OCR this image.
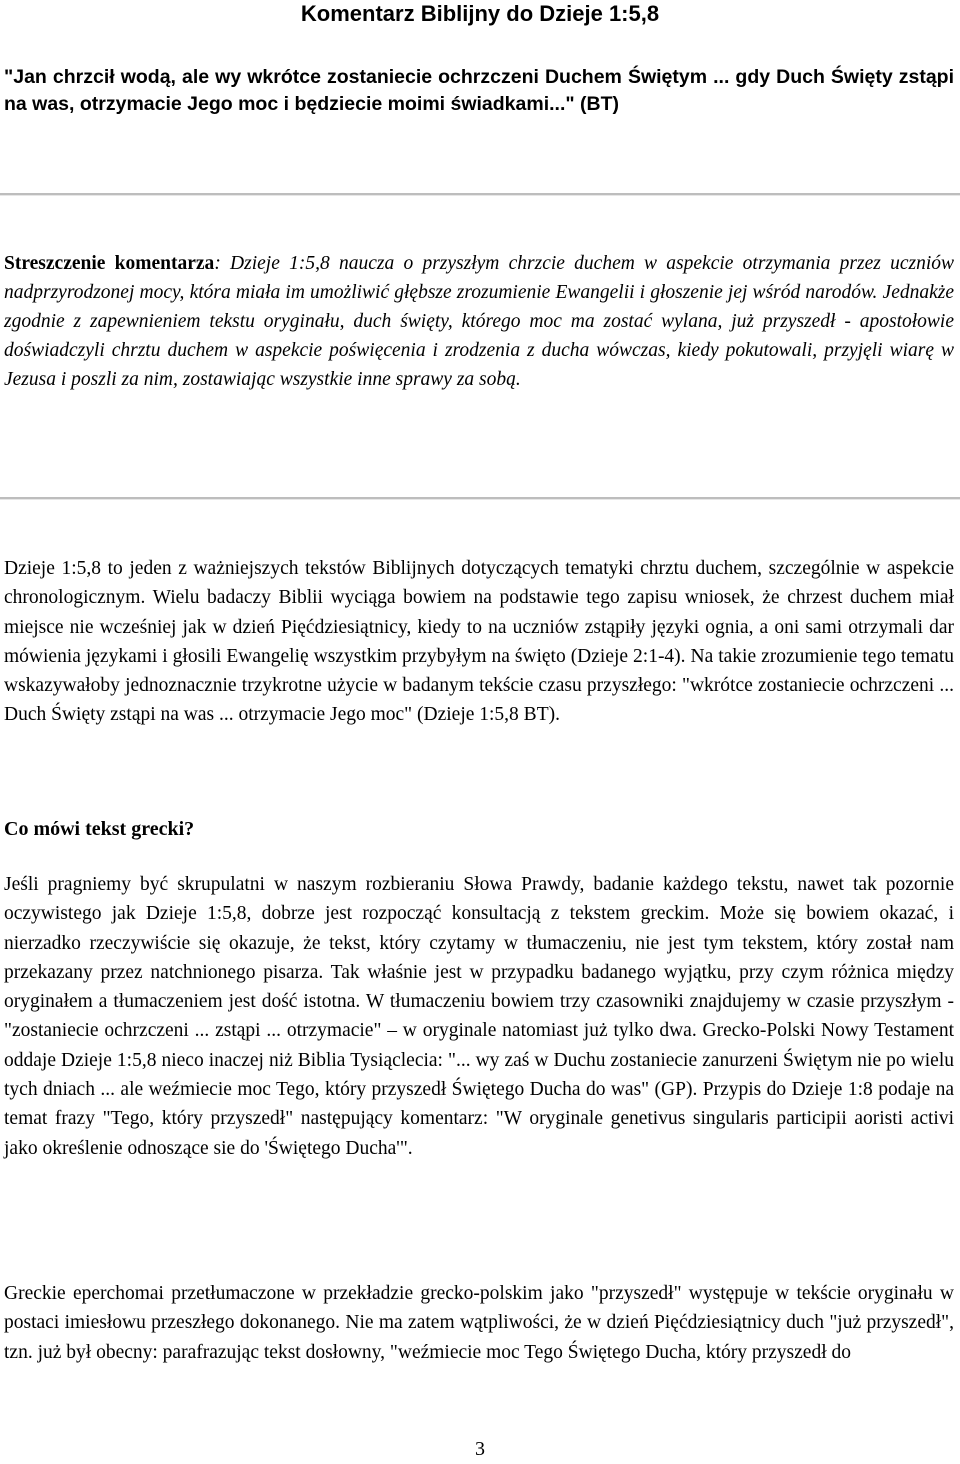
Komentarz Biblijny do Dzieje 1:5,8

"Jan chrzcił wodą, ale wy wkrótce zostaniecie ochrzczeni Duchem Świętym ... gdy Duch Święty zstąpi na was, otrzymacie Jego moc i będziecie moimi świadkami..." (BT)

Streszczenie komentarza: Dzieje 1:5,8 naucza o przyszłym chrzcie duchem w aspekcie otrzymania przez uczniów nadprzyrodzonej mocy, która miała im umożliwić głębsze zrozumienie Ewangelii i głoszenie jej wśród narodów. Jednakże zgodnie z zapewnieniem tekstu oryginału, duch święty, którego moc ma zostać wylana, już przyszedł - apostołowie doświadczyli chrztu duchem w aspekcie poświęcenia i zrodzenia z ducha wówczas, kiedy pokutowali, przyjęli wiarę w Jezusa i poszli za nim, zostawiając wszystkie inne sprawy za sobą.

Dzieje 1:5,8 to jeden z ważniejszych tekstów Biblijnych dotyczących tematyki chrztu duchem, szczególnie w aspekcie chronologicznym. Wielu badaczy Biblii wyciąga bowiem na podstawie tego zapisu wniosek, że chrzest duchem miał miejsce nie wcześniej jak w dzień Pięćdziesiątnicy, kiedy to na uczniów zstąpiły języki ognia, a oni sami otrzymali dar mówienia językami i głosili Ewangelię wszystkim przybyłym na święto (Dzieje 2:1-4). Na takie zrozumienie tego tematu wskazywałoby jednoznacznie trzykrotne użycie w badanym tekście czasu przyszłego: "wkrótce zostaniecie ochrzczeni ... Duch Święty zstąpi na was ... otrzymacie Jego moc" (Dzieje 1:5,8 BT).

Co mówi tekst grecki?

Jeśli pragniemy być skrupulatni w naszym rozbieraniu Słowa Prawdy, badanie każdego tekstu, nawet tak pozornie oczywistego jak Dzieje 1:5,8, dobrze jest rozpocząć konsultacją z tekstem greckim. Może się bowiem okazać, i nierzadko rzeczywiście się okazuje, że tekst, który czytamy w tłumaczeniu, nie jest tym tekstem, który został nam przekazany przez natchnionego pisarza. Tak właśnie jest w przypadku badanego wyjątku, przy czym różnica między oryginałem a tłumaczeniem jest dość istotna. W tłumaczeniu bowiem trzy czasowniki znajdujemy w czasie przyszłym - "zostaniecie ochrzczeni ... zstąpi ... otrzymacie" – w oryginale natomiast już tylko dwa. Grecko-Polski Nowy Testament oddaje Dzieje 1:5,8 nieco inaczej niż Biblia Tysiąclecia: "... wy zaś w Duchu zostaniecie zanurzeni Świętym nie po wielu tych dniach ... ale weźmiecie moc Tego, który przyszedł Świętego Ducha do was" (GP). Przypis do Dzieje 1:8 podaje na temat frazy "Tego, który przyszedł" następujący komentarz: "W oryginale genetivus singularis participii aoristi activi jako określenie odnoszące sie do 'Świętego Ducha'".

Greckie eperchomai przetłumaczone w przekładzie grecko-polskim jako "przyszedł" występuje w tekście oryginału w postaci imiesłowu przeszłego dokonanego. Nie ma zatem wątpliwości, że w dzień Pięćdziesiątnicy duch "już przyszedł", tzn. już był obecny: parafrazując tekst dosłowny, "weźmiecie moc Tego Świętego Ducha, który przyszedł do

3
